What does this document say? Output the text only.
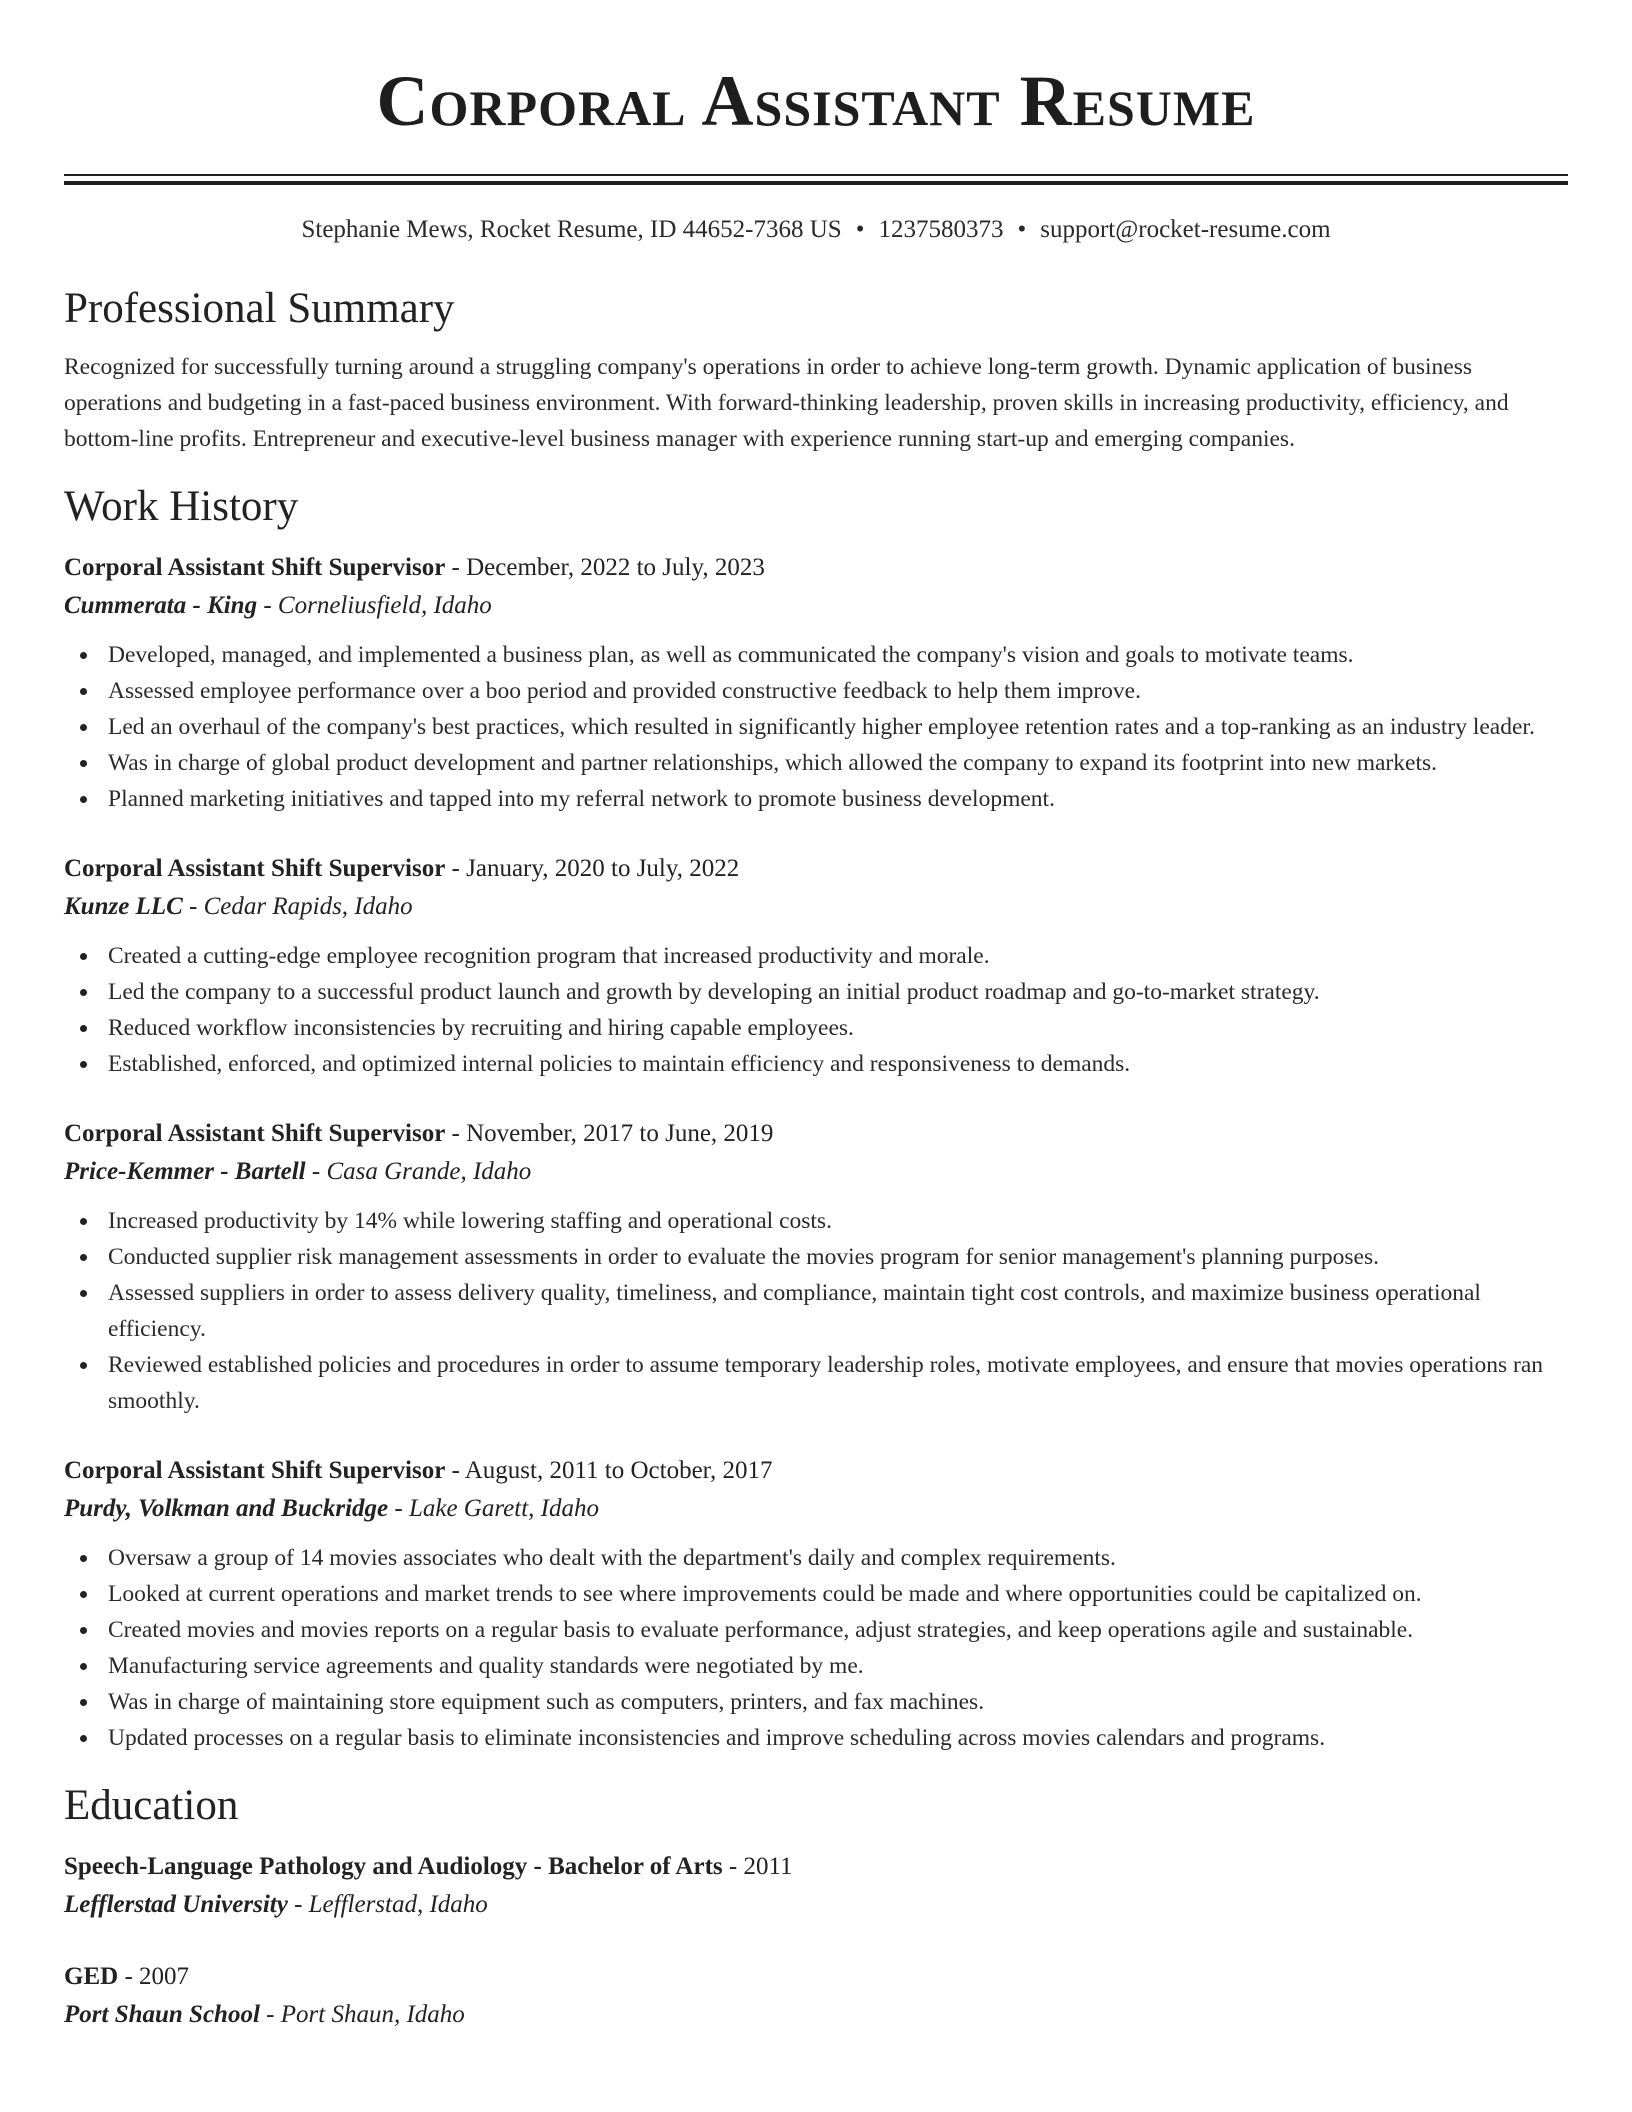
Corporal Assistant Resume
Stephanie Mews, Rocket Resume, ID 44652-7368 US • 1237580373 • support@rocket-resume.com
Professional Summary

Recognized for successfully turning around a struggling company's operations in order to achieve long-term growth. Dynamic application of business operations and budgeting in a fast-paced business environment. With forward-thinking leadership, proven skills in increasing productivity, efficiency, and bottom-line profits. Entrepreneur and executive-level business manager with experience running start-up and emerging companies.

Work History
Corporal Assistant Shift Supervisor - December, 2022 to July, 2023
Cummerata - King - Corneliusfield, Idaho
Developed, managed, and implemented a business plan, as well as communicated the company's vision and goals to motivate teams.
Assessed employee performance over a boo period and provided constructive feedback to help them improve.
Led an overhaul of the company's best practices, which resulted in significantly higher employee retention rates and a top-ranking as an industry leader.
Was in charge of global product development and partner relationships, which allowed the company to expand its footprint into new markets.
Planned marketing initiatives and tapped into my referral network to promote business development.
Corporal Assistant Shift Supervisor - January, 2020 to July, 2022
Kunze LLC - Cedar Rapids, Idaho
Created a cutting-edge employee recognition program that increased productivity and morale.
Led the company to a successful product launch and growth by developing an initial product roadmap and go-to-market strategy.
Reduced workflow inconsistencies by recruiting and hiring capable employees.
Established, enforced, and optimized internal policies to maintain efficiency and responsiveness to demands.
Corporal Assistant Shift Supervisor - November, 2017 to June, 2019
Price-Kemmer - Bartell - Casa Grande, Idaho
Increased productivity by 14% while lowering staffing and operational costs.
Conducted supplier risk management assessments in order to evaluate the movies program for senior management's planning purposes.
Assessed suppliers in order to assess delivery quality, timeliness, and compliance, maintain tight cost controls, and maximize business operational efficiency.
Reviewed established policies and procedures in order to assume temporary leadership roles, motivate employees, and ensure that movies operations ran smoothly.
Corporal Assistant Shift Supervisor - August, 2011 to October, 2017
Purdy, Volkman and Buckridge - Lake Garett, Idaho
Oversaw a group of 14 movies associates who dealt with the department's daily and complex requirements.
Looked at current operations and market trends to see where improvements could be made and where opportunities could be capitalized on.
Created movies and movies reports on a regular basis to evaluate performance, adjust strategies, and keep operations agile and sustainable.
Manufacturing service agreements and quality standards were negotiated by me.
Was in charge of maintaining store equipment such as computers, printers, and fax machines.
Updated processes on a regular basis to eliminate inconsistencies and improve scheduling across movies calendars and programs.
Education
Speech-Language Pathology and Audiology - Bachelor of Arts - 2011
Lefflerstad University - Lefflerstad, Idaho
GED - 2007
Port Shaun School - Port Shaun, Idaho
